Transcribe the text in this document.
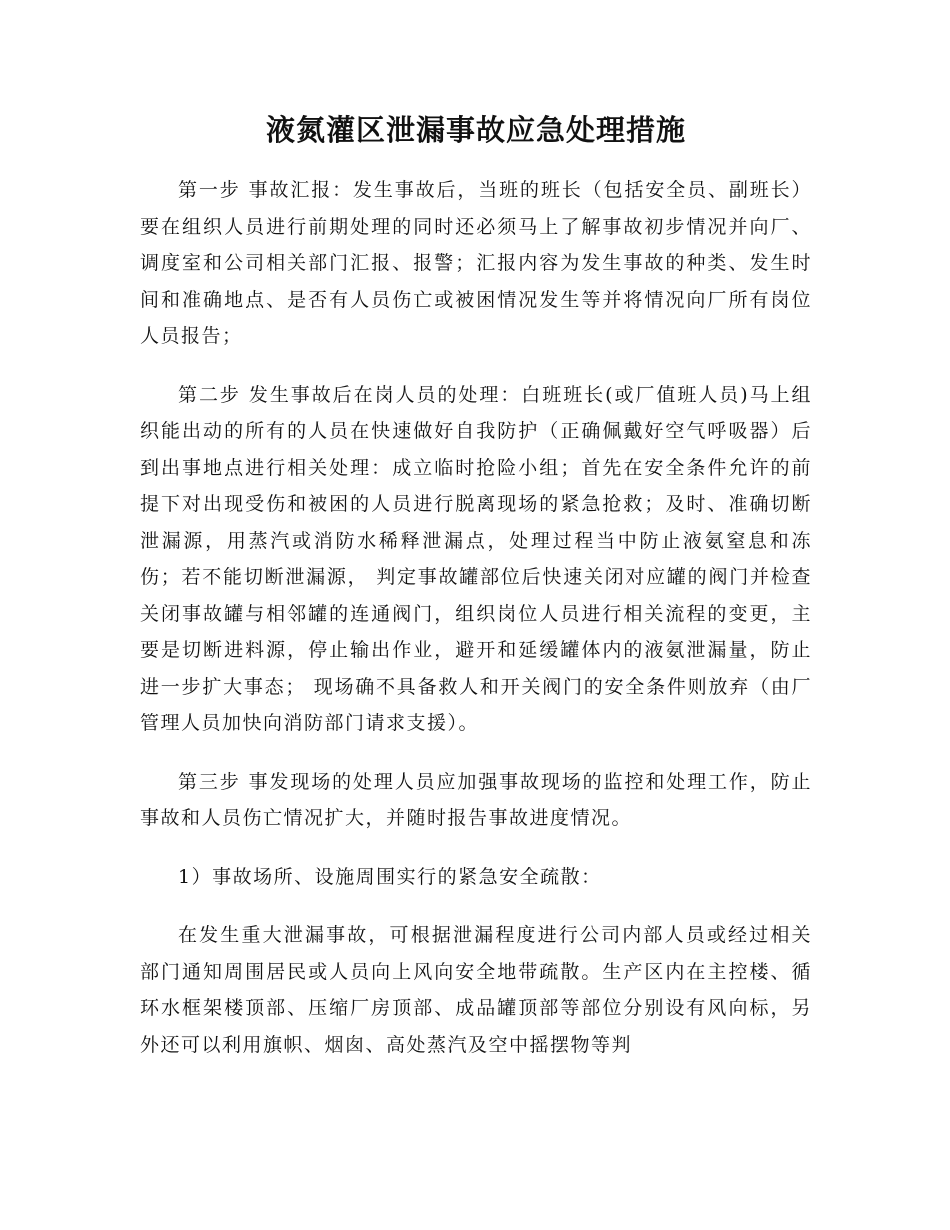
液氮灌区泄漏事故应急处理措施

第一步 事故汇报：发生事故后，当班的班长（包括安全员、副班长）要在组织人员进行前期处理的同时还必须马上了解事故初步情况并向厂、调度室和公司相关部门汇报、报警；汇报内容为发生事故的种类、发生时间和准确地点、是否有人员伤亡或被困情况发生等并将情况向厂所有岗位人员报告；

第二步 发生事故后在岗人员的处理：白班班长(或厂值班人员)马上组织能出动的所有的人员在快速做好自我防护（正确佩戴好空气呼吸器）后到出事地点进行相关处理：成立临时抢险小组；首先在安全条件允许的前提下对出现受伤和被困的人员进行脱离现场的紧急抢救；及时、准确切断泄漏源，用蒸汽或消防水稀释泄漏点，处理过程当中防止液氨窒息和冻伤；若不能切断泄漏源， 判定事故罐部位后快速关闭对应罐的阀门并检查关闭事故罐与相邻罐的连通阀门，组织岗位人员进行相关流程的变更，主要是切断进料源，停止输出作业，避开和延缓罐体内的液氨泄漏量，防止进一步扩大事态； 现场确不具备救人和开关阀门的安全条件则放弃（由厂管理人员加快向消防部门请求支援）。

第三步 事发现场的处理人员应加强事故现场的监控和处理工作，防止事故和人员伤亡情况扩大，并随时报告事故进度情况。

1）事故场所、设施周围实行的紧急安全疏散：

在发生重大泄漏事故，可根据泄漏程度进行公司内部人员或经过相关部门通知周围居民或人员向上风向安全地带疏散。生产区内在主控楼、循环水框架楼顶部、压缩厂房顶部、成品罐顶部等部位分别设有风向标，另外还可以利用旗帜、烟囱、高处蒸汽及空中摇摆物等判
